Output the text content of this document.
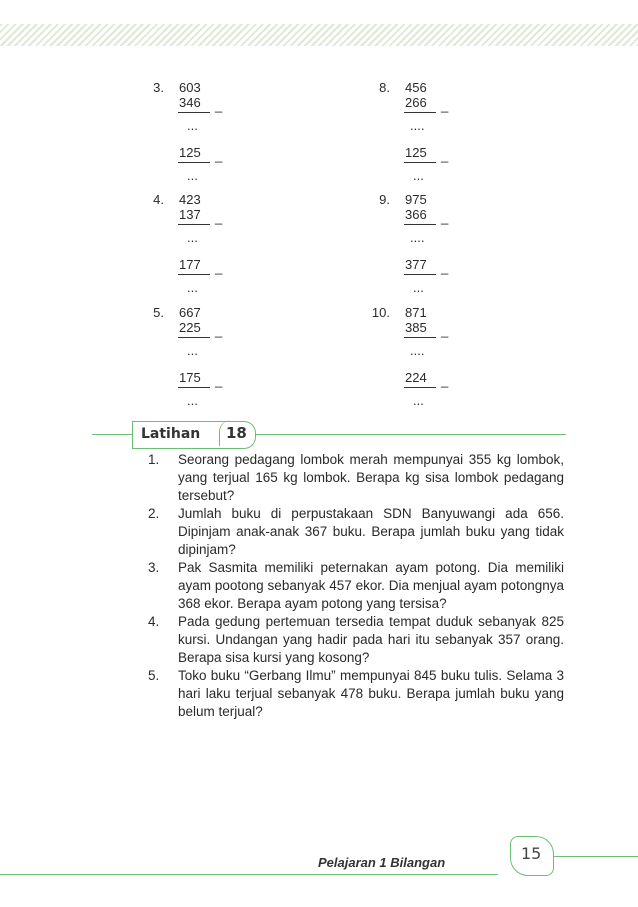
3. 603
346 _
...
125 _
...
4. 423
137 _
...
177 _
...
5. 667
225 _
...
175 _
...
8. 456
266 _
....
125 _
...
9. 975
366 _
....
377 _
...
10. 871
385 _
....
224 _
...
Latihan 18
1. Seorang pedagang lombok merah mempunyai 355 kg lombok, yang terjual 165 kg lombok. Berapa kg sisa lombok pedagang tersebut?
2. Jumlah buku di perpustakaan SDN Banyuwangi ada 656. Dipinjam anak-anak 367 buku. Berapa jumlah buku yang tidak dipinjam?
3. Pak Sasmita memiliki peternakan ayam potong. Dia memiliki ayam pootong sebanyak 457 ekor. Dia menjual ayam potongnya 368 ekor. Berapa ayam potong yang tersisa?
4. Pada gedung pertemuan tersedia tempat duduk sebanyak 825 kursi. Undangan yang hadir pada hari itu sebanyak 357 orang. Berapa sisa kursi yang kosong?
5. Toko buku “Gerbang Ilmu” mempunyai 845 buku tulis. Selama 3 hari laku terjual sebanyak 478 buku. Berapa jumlah buku yang belum terjual?
Pelajaran 1 Bilangan	15
